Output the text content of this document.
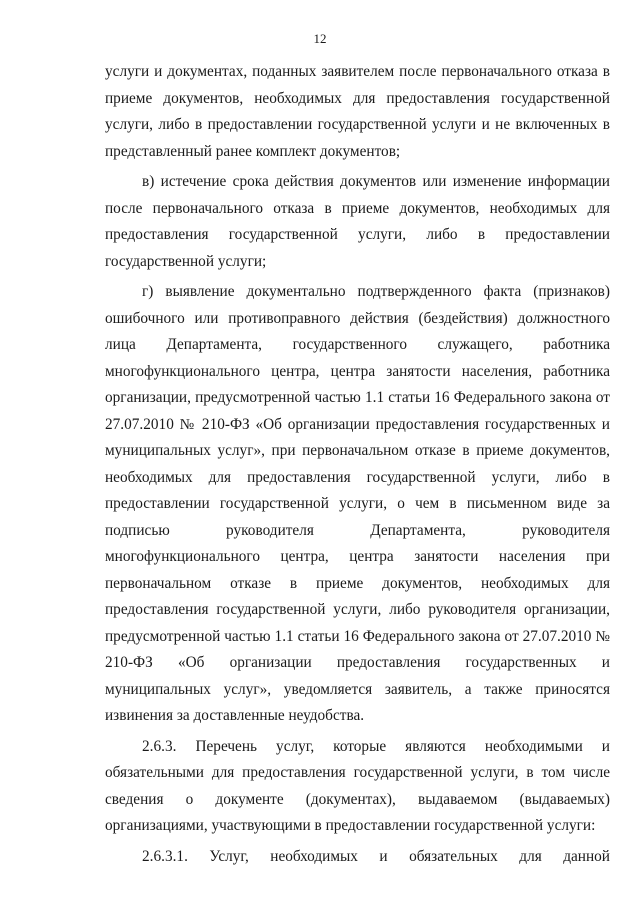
12

услуги и документах, поданных заявителем после первоначального отказа в приеме документов, необходимых для предоставления государственной услуги, либо в предоставлении государственной услуги и не включенных в представленный ранее комплект документов;

в) истечение срока действия документов или изменение информации после первоначального отказа в приеме документов, необходимых для предоставления государственной услуги, либо в предоставлении государственной услуги;

г) выявление документально подтвержденного факта (признаков) ошибочного или противоправного действия (бездействия) должностного лица Департамента, государственного служащего, работника многофункционального центра, центра занятости населения, работника организации, предусмотренной частью 1.1 статьи 16 Федерального закона от 27.07.2010 № 210-ФЗ «Об организации предоставления государственных и муниципальных услуг», при первоначальном отказе в приеме документов, необходимых для предоставления государственной услуги, либо в предоставлении государственной услуги, о чем в письменном виде за подписью руководителя Департамента, руководителя многофункционального центра, центра занятости населения при первоначальном отказе в приеме документов, необходимых для предоставления государственной услуги, либо руководителя организации, предусмотренной частью 1.1 статьи 16 Федерального закона от 27.07.2010 № 210-ФЗ «Об организации предоставления государственных и муниципальных услуг», уведомляется заявитель, а также приносятся извинения за доставленные неудобства.

2.6.3. Перечень услуг, которые являются необходимыми и обязательными для предоставления государственной услуги, в том числе сведения о документе (документах), выдаваемом (выдаваемых) организациями, участвующими в предоставлении государственной услуги:

2.6.3.1. Услуг, необходимых и обязательных для данной
